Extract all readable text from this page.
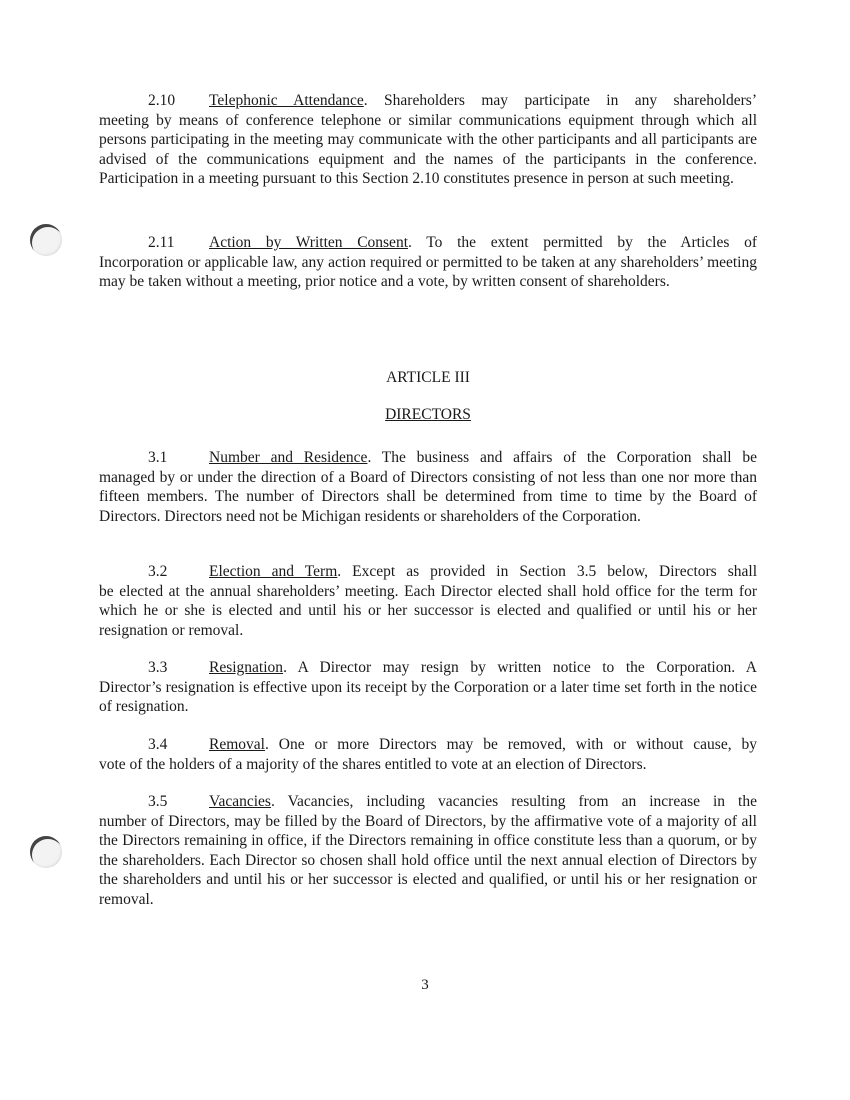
2.10 Telephonic Attendance. Shareholders may participate in any shareholders’
meeting by means of conference telephone or similar communications equipment through which all persons participating in the meeting may communicate with the other participants and all participants are advised of the communications equipment and the names of the participants in the conference. Participation in a meeting pursuant to this Section 2.10 constitutes presence in person at such meeting.

2.11 Action by Written Consent. To the extent permitted by the Articles of
Incorporation or applicable law, any action required or permitted to be taken at any shareholders’ meeting may be taken without a meeting, prior notice and a vote, by written consent of shareholders.

ARTICLE III

DIRECTORS

3.1	Number and Residence. The business and affairs of the Corporation shall be
managed by or under the direction of a Board of Directors consisting of not less than one nor more than fifteen members. The number of Directors shall be determined from time to time by the Board of Directors. Directors need not be Michigan residents or shareholders of the Corporation.

3.2	Election and Term. Except as provided in Section 3.5 below, Directors shall
be elected at the annual shareholders’ meeting. Each Director elected shall hold office for the term for which he or she is elected and until his or her successor is elected and qualified or until his or her resignation or removal.

3.3	Resignation. A Director may resign by written notice to the Corporation. A
Director’s resignation is effective upon its receipt by the Corporation or a later time set forth in the notice of resignation.

3.4	Removal. One or more Directors may be removed, with or without cause, by
vote of the holders of a majority of the shares entitled to vote at an election of Directors.

3.5	Vacancies. Vacancies, including vacancies resulting from an increase in the
number of Directors, may be filled by the Board of Directors, by the affirmative vote of a majority of all the Directors remaining in office, if the Directors remaining in office constitute less than a quorum, or by the shareholders. Each Director so chosen shall hold office until the next annual election of Directors by the shareholders and until his or her successor is elected and qualified, or until his or her resignation or removal.

3
